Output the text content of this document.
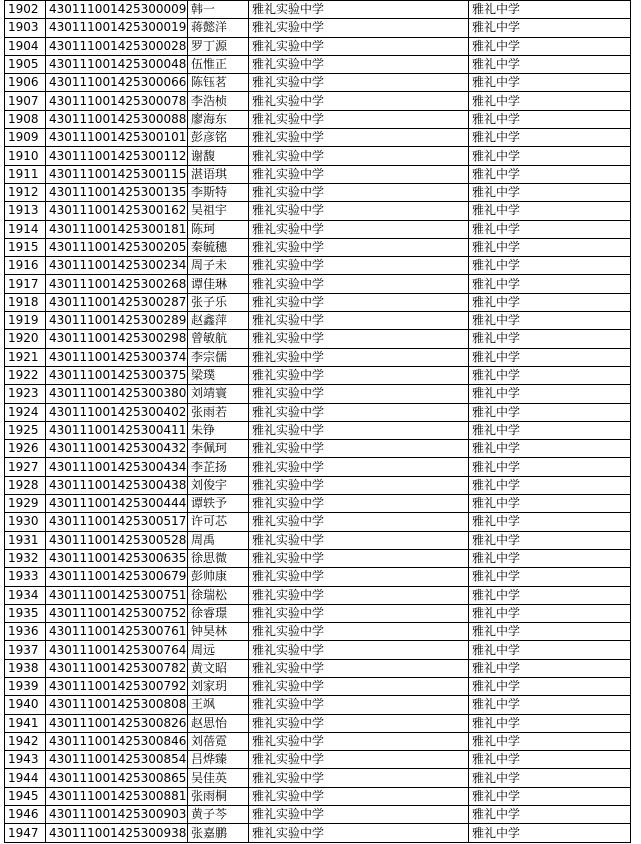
1902	430111001425300009	韩一	雅礼实验中学	雅礼中学
1903	430111001425300019	蒋懿洋	雅礼实验中学	雅礼中学
1904	430111001425300028	罗丁源	雅礼实验中学	雅礼中学
1905	430111001425300048	伍惟正	雅礼实验中学	雅礼中学
1906	430111001425300066	陈钰茗	雅礼实验中学	雅礼中学
1907	430111001425300078	李浩桢	雅礼实验中学	雅礼中学
1908	430111001425300088	廖海东	雅礼实验中学	雅礼中学
1909	430111001425300101	彭彦铭	雅礼实验中学	雅礼中学
1910	430111001425300112	谢馥	雅礼实验中学	雅礼中学
1911	430111001425300115	湛语琪	雅礼实验中学	雅礼中学
1912	430111001425300135	李斯特	雅礼实验中学	雅礼中学
1913	430111001425300162	吴祖宇	雅礼实验中学	雅礼中学
1914	430111001425300181	陈珂	雅礼实验中学	雅礼中学
1915	430111001425300205	秦毓穗	雅礼实验中学	雅礼中学
1916	430111001425300234	周子未	雅礼实验中学	雅礼中学
1917	430111001425300268	谭佳琳	雅礼实验中学	雅礼中学
1918	430111001425300287	张子乐	雅礼实验中学	雅礼中学
1919	430111001425300289	赵鑫萍	雅礼实验中学	雅礼中学
1920	430111001425300298	曾敏航	雅礼实验中学	雅礼中学
1921	430111001425300374	李宗儒	雅礼实验中学	雅礼中学
1922	430111001425300375	梁璞	雅礼实验中学	雅礼中学
1923	430111001425300380	刘靖寰	雅礼实验中学	雅礼中学
1924	430111001425300402	张雨若	雅礼实验中学	雅礼中学
1925	430111001425300411	朱铮	雅礼实验中学	雅礼中学
1926	430111001425300432	李佩珂	雅礼实验中学	雅礼中学
1927	430111001425300434	李芷扬	雅礼实验中学	雅礼中学
1928	430111001425300438	刘俊宇	雅礼实验中学	雅礼中学
1929	430111001425300444	谭轶予	雅礼实验中学	雅礼中学
1930	430111001425300517	许可芯	雅礼实验中学	雅礼中学
1931	430111001425300528	周禹	雅礼实验中学	雅礼中学
1932	430111001425300635	徐思微	雅礼实验中学	雅礼中学
1933	430111001425300679	彭帅康	雅礼实验中学	雅礼中学
1934	430111001425300751	徐瑞松	雅礼实验中学	雅礼中学
1935	430111001425300752	徐睿璟	雅礼实验中学	雅礼中学
1936	430111001425300761	钟昊林	雅礼实验中学	雅礼中学
1937	430111001425300764	周远	雅礼实验中学	雅礼中学
1938	430111001425300782	黄文昭	雅礼实验中学	雅礼中学
1939	430111001425300792	刘家玥	雅礼实验中学	雅礼中学
1940	430111001425300808	王飒	雅礼实验中学	雅礼中学
1941	430111001425300826	赵思怡	雅礼实验中学	雅礼中学
1942	430111001425300846	刘蓓霓	雅礼实验中学	雅礼中学
1943	430111001425300854	吕烨臻	雅礼实验中学	雅礼中学
1944	430111001425300865	吴佳英	雅礼实验中学	雅礼中学
1945	430111001425300881	张雨桐	雅礼实验中学	雅礼中学
1946	430111001425300903	黄子芩	雅礼实验中学	雅礼中学
1947	430111001425300938	张嘉鹏	雅礼实验中学	雅礼中学
